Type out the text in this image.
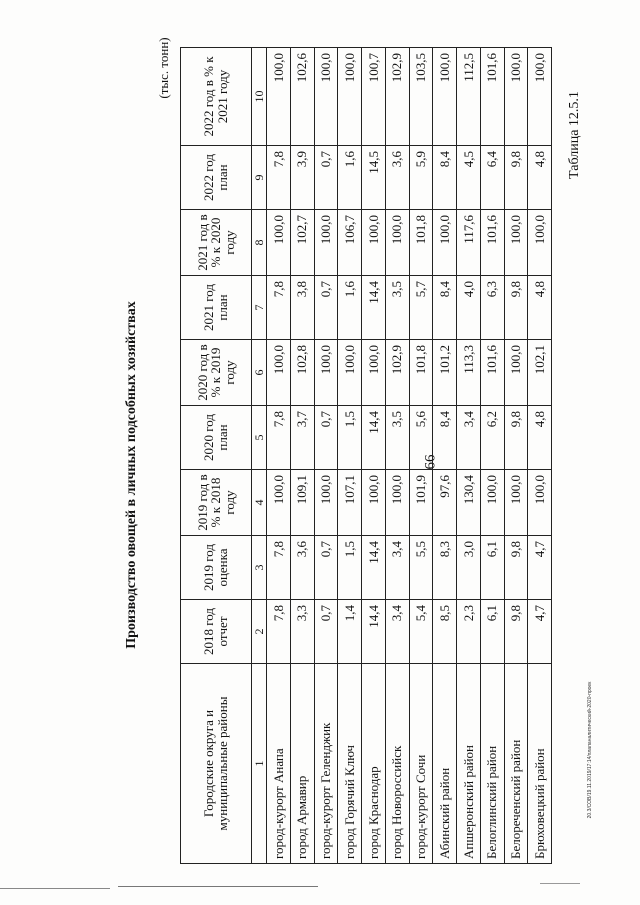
66
Таблица 12.5.1
Производство овощей в личных подсобных хозяйствах
(тыс. тонн)
20.3/СОВ/19.11.2019/17:14/плапаналитический-2020-проек
Городские округа и муниципальные районы	2018 год отчет	2019 год оценка	2019 год в % к 2018 году	2020 год план	2020 год в % к 2019 году	2021 год план	2021 год в % к 2020 году	2022 год план	2022 год в % к 2021 году
1	2	3	4	5	6	7	8	9	10
город-курорт Анапа	7,8	7,8	100,0	7,8	100,0	7,8	100,0	7,8	100,0
город Армавир	3,3	3,6	109,1	3,7	102,8	3,8	102,7	3,9	102,6
город-курорт Геленджик	0,7	0,7	100,0	0,7	100,0	0,7	100,0	0,7	100,0
город Горячий Ключ	1,4	1,5	107,1	1,5	100,0	1,6	106,7	1,6	100,0
город Краснодар	14,4	14,4	100,0	14,4	100,0	14,4	100,0	14,5	100,7
город Новороссийск	3,4	3,4	100,0	3,5	102,9	3,5	100,0	3,6	102,9
город-курорт Сочи	5,4	5,5	101,9	5,6	101,8	5,7	101,8	5,9	103,5
Абинский район	8,5	8,3	97,6	8,4	101,2	8,4	100,0	8,4	100,0
Апшеронский район	2,3	3,0	130,4	3,4	113,3	4,0	117,6	4,5	112,5
Белоглинский район	6,1	6,1	100,0	6,2	101,6	6,3	101,6	6,4	101,6
Белореченский район	9,8	9,8	100,0	9,8	100,0	9,8	100,0	9,8	100,0
Брюховецкий район	4,7	4,7	100,0	4,8	102,1	4,8	100,0	4,8	100,0
